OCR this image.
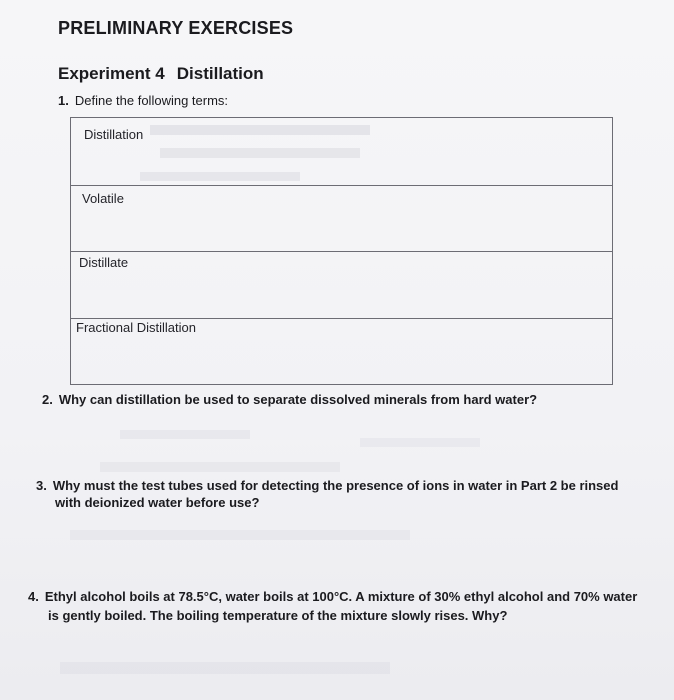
PRELIMINARY EXERCISES
Experiment 4 Distillation
1. Define the following terms:
Distillation
Volatile
Distillate
Fractional Distillation
2. Why can distillation be used to separate dissolved minerals from hard water?
3. Why must the test tubes used for detecting the presence of ions in water in Part 2 be rinsed
with deionized water before use?
4. Ethyl alcohol boils at 78.5°C, water boils at 100°C. A mixture of 30% ethyl alcohol and 70% water
is gently boiled. The boiling temperature of the mixture slowly rises. Why?
